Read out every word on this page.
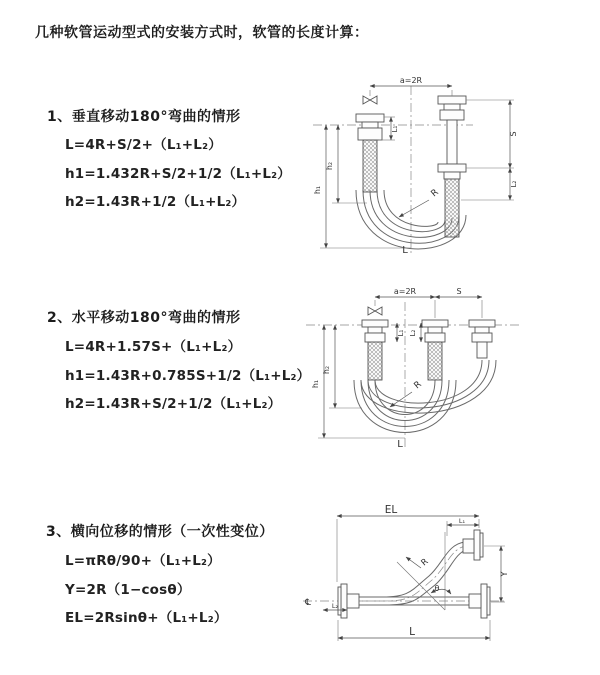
几种软管运动型式的安装方式时，软管的长度计算：
1、垂直移动180°弯曲的情形
L=4R+S/2+（L₁+L₂）
h1=1.432R+S/2+1/2（L₁+L₂）
h2=1.43R+1/2（L₁+L₂）
2、水平移动180°弯曲的情形
L=4R+1.57S+（L₁+L₂）
h1=1.43R+0.785S+1/2（L₁+L₂）
h2=1.43R+S/2+1/2（L₁+L₂）
3、横向位移的情形（一次性变位）
L=πRθ/90+（L₁+L₂）
Y=2R（1−cosθ）
EL=2Rsinθ+（L₁+L₂）
a=2R
h₁
h₂
L₁
S
L₂
R
L
a=2R	S
h₁
h₂
L₁ L₂
R
L
℄
θ
EL
L₁
Y
R
L₂
L
